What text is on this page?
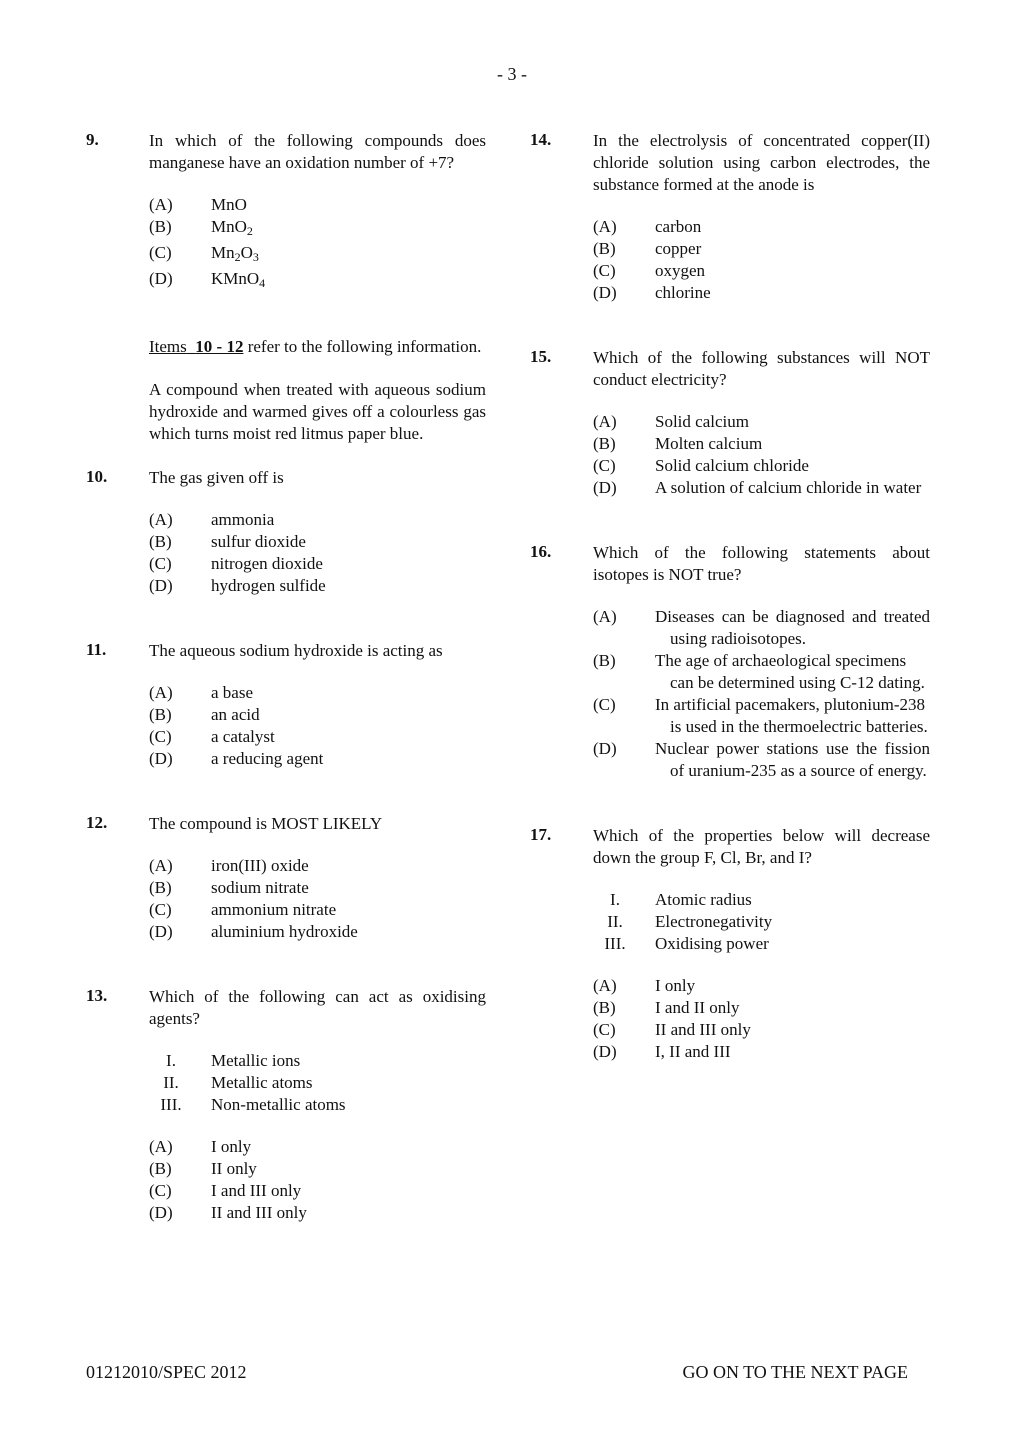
- 3 -
9.	In which of the following compounds does manganese have an oxidation number of +7?
(A)	MnO
(B)	MnO$_2$
(C)	$Mn_2O_3$
(D)	KMnO$_4$

Items 10 - 12 refer to the following information.

A compound when treated with aqueous sodium hydroxide and warmed gives off a colourless gas which turns moist red litmus paper blue.

10. The gas given off is
(A)	ammonia
(B)	sulfur dioxide
(C)	nitrogen dioxide
(D)	hydrogen sulfide
11.	The aqueous sodium hydroxide is acting as
(A)	a base
(B)	an acid
(C)	a catalyst
(D)	a reducing agent
12. The compound is MOST LIKELY
(A)	iron(III) oxide
(B)	sodium nitrate
(C)	ammonium nitrate
(D)	aluminium hydroxide
13. Which of the following can act as oxidising agents?
I.	Metallic ions
II.	Metallic atoms
III.	Non-metallic atoms
(A)	I only
(B)	II only
(C)	I and III only
(D)	II and III only
14. In the electrolysis of concentrated copper(II) chloride solution using carbon electrodes, the substance formed at the anode is
(A)	carbon
(B)	copper
(C)	oxygen
(D)	chlorine
15. Which of the following substances will NOT conduct electricity?
(A)	Solid calcium
(B)	Molten calcium
(C)	Solid calcium chloride
(D)	A solution of calcium chloride in water
16. Which of the following statements about isotopes is NOT true?
(A)	Diseases can be diagnosed and treated using radioisotopes.
(B)	The age of archaeological specimens can be determined using C-12 dating.
(C)	In artificial pacemakers, plutonium-238 is used in the thermoelectric batteries.
(D)	Nuclear power stations use the fission of uranium-235 as a source of energy.
17. Which of the properties below will decrease down the group F, Cl, Br, and I?
I.	Atomic radius
II.	Electronegativity
III.	Oxidising power
(A)	I only
(B)	I and II only
(C)	II and III only
(D)	I, II and III
01212010/SPEC 2012	GO ON TO THE NEXT PAGE
